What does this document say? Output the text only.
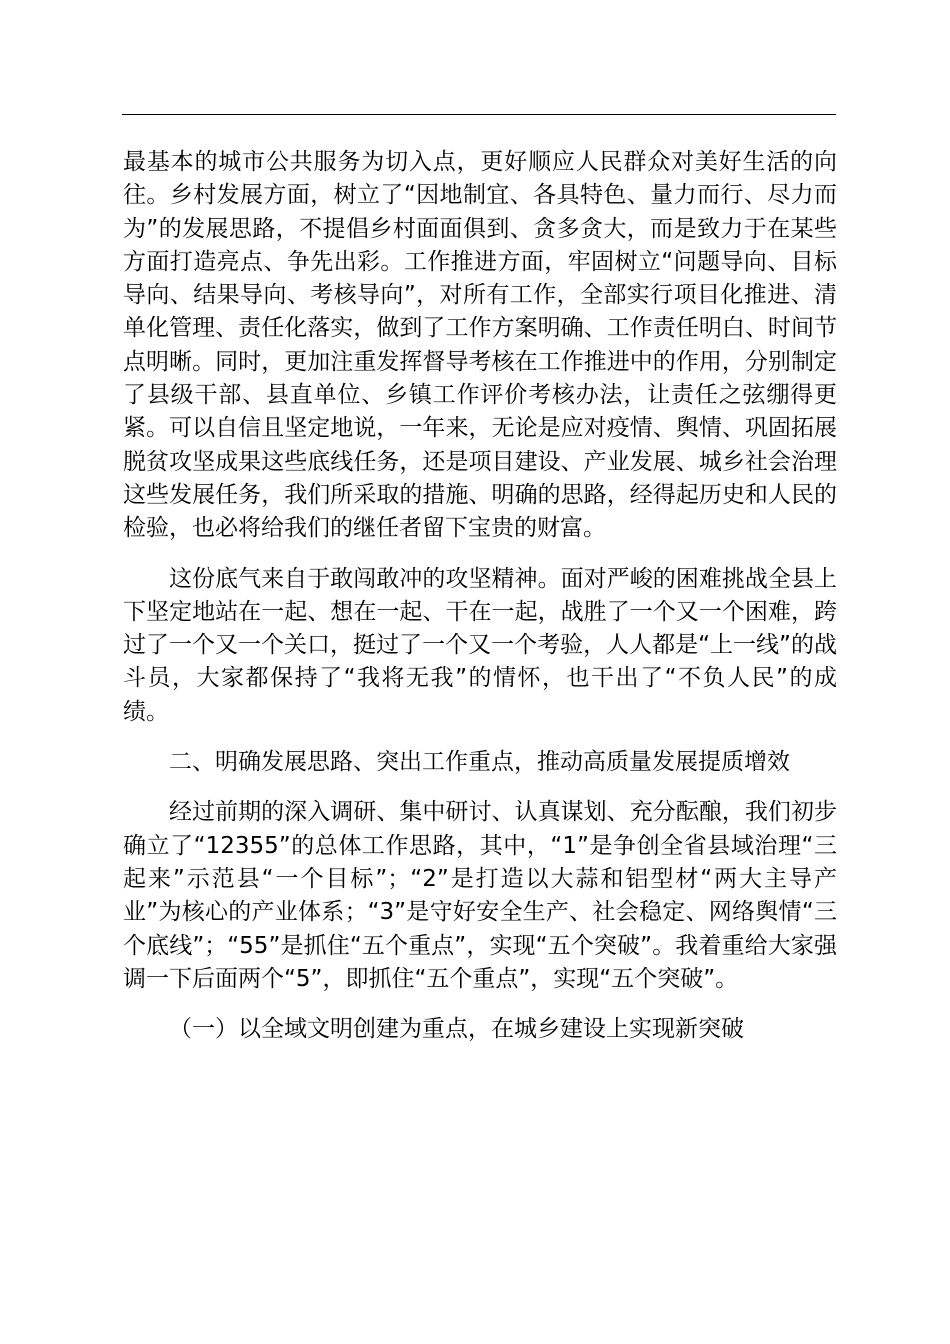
最基本的城市公共服务为切入点，更好顺应人民群众对美好生活的向往。乡村发展方面，树立了“因地制宜、各具特色、量力而行、尽力而为”的发展思路，不提倡乡村面面俱到、贪多贪大，而是致力于在某些方面打造亮点、争先出彩。工作推进方面，牢固树立“问题导向、目标导向、结果导向、考核导向”，对所有工作，全部实行项目化推进、清单化管理、责任化落实，做到了工作方案明确、工作责任明白、时间节点明晰。同时，更加注重发挥督导考核在工作推进中的作用，分别制定了县级干部、县直单位、乡镇工作评价考核办法，让责任之弦绷得更紧。可以自信且坚定地说，一年来，无论是应对疫情、舆情、巩固拓展脱贫攻坚成果这些底线任务，还是项目建设、产业发展、城乡社会治理这些发展任务，我们所采取的措施、明确的思路，经得起历史和人民的检验，也必将给我们的继任者留下宝贵的财富。

这份底气来自于敢闯敢冲的攻坚精神。面对严峻的困难挑战全县上下坚定地站在一起、想在一起、干在一起，战胜了一个又一个困难，跨过了一个又一个关口，挺过了一个又一个考验，人人都是“上一线”的战斗员，大家都保持了“我将无我”的情怀，也干出了“不负人民”的成绩。

二、明确发展思路、突出工作重点，推动高质量发展提质增效

经过前期的深入调研、集中研讨、认真谋划、充分酝酿，我们初步确立了“12355”的总体工作思路，其中，“1”是争创全省县域治理“三起来”示范县“一个目标”；“2”是打造以大蒜和铝型材“两大主导产业”为核心的产业体系；“3”是守好安全生产、社会稳定、网络舆情“三个底线”；“55”是抓住“五个重点”，实现“五个突破”。我着重给大家强调一下后面两个“5”，即抓住“五个重点”，实现“五个突破”。

（一）以全域文明创建为重点，在城乡建设上实现新突破
